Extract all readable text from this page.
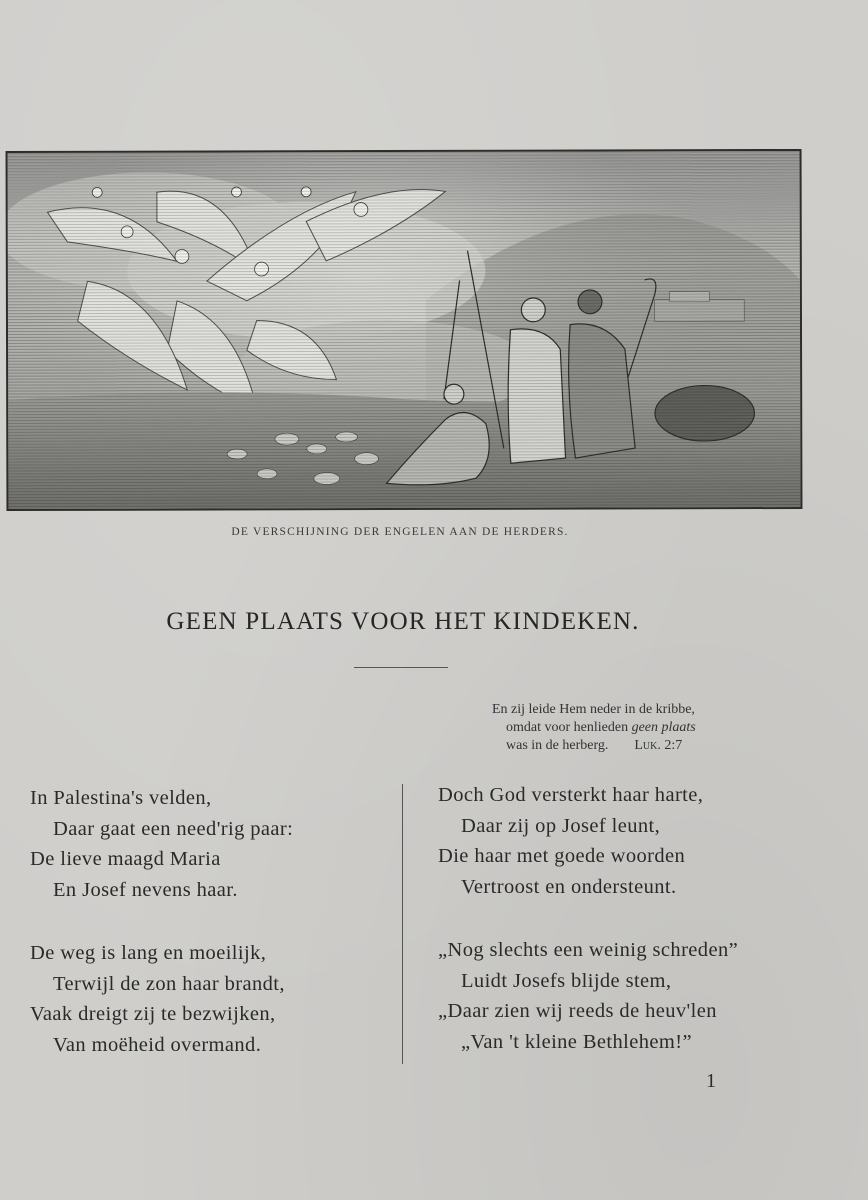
DE VERSCHIJNING DER ENGELEN AAN DE HERDERS.
GEEN PLAATS VOOR HET KINDEKEN.
En zij leide Hem neder in de kribbe,
omdat voor henlieden geen plaats
was in de herberg. Luk. 2:7
In Palestina's velden,
Daar gaat een need'rig paar:
De lieve maagd Maria
En Josef nevens haar.
De weg is lang en moeilijk,
Terwijl de zon haar brandt,
Vaak dreigt zij te bezwijken,
Van moëheid overmand.
Doch God versterkt haar harte,
Daar zij op Josef leunt,
Die haar met goede woorden
Vertroost en ondersteunt.
„Nog slechts een weinig schreden”
Luidt Josefs blijde stem,
„Daar zien wij reeds de heuv'len
„Van 't kleine Bethlehem!”
1
